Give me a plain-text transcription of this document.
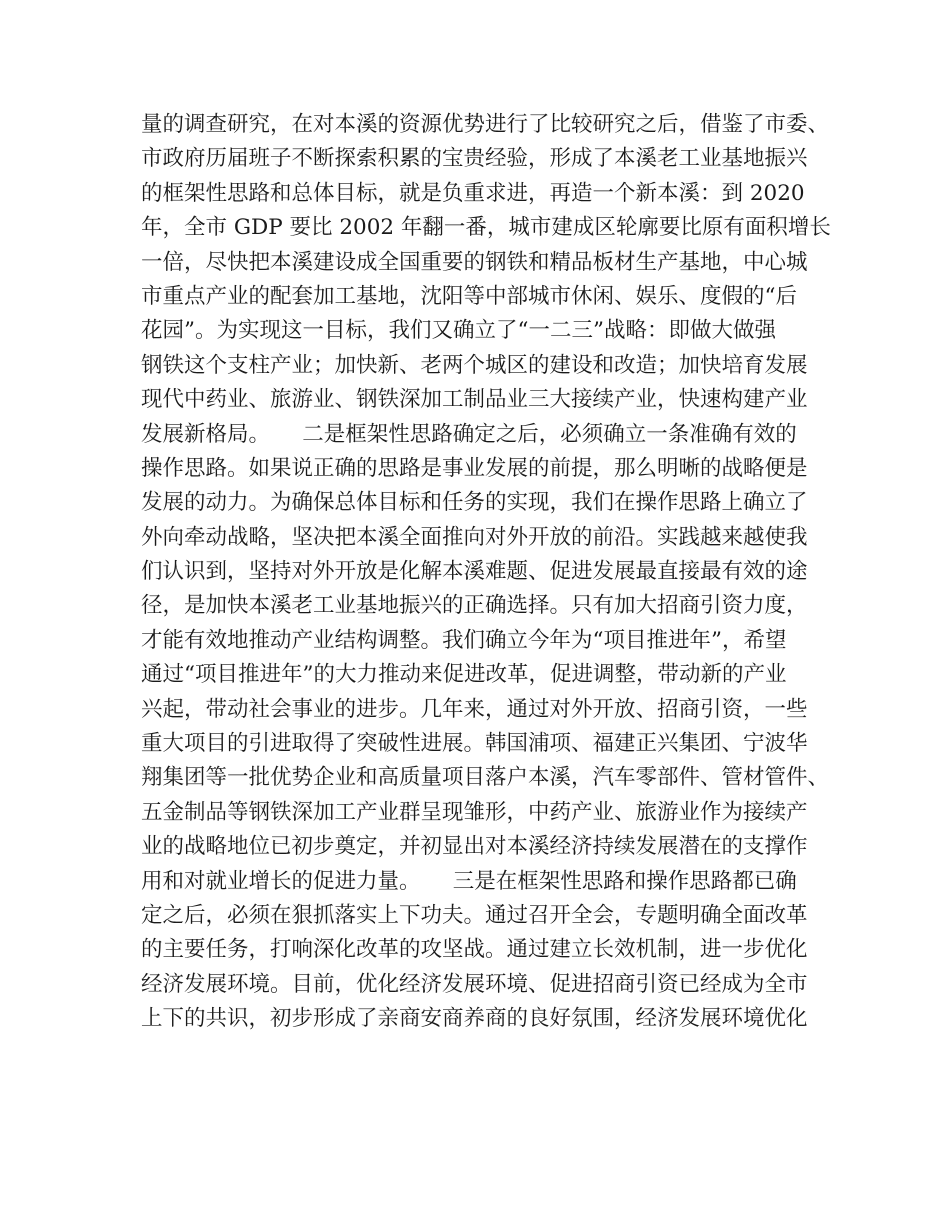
量的调查研究，在对本溪的资源优势进行了比较研究之后，借鉴了市委、
市政府历届班子不断探索积累的宝贵经验，形成了本溪老工业基地振兴
的框架性思路和总体目标，就是负重求进，再造一个新本溪：到 2020
年，全市 GDP 要比 2002 年翻一番，城市建成区轮廓要比原有面积增长
一倍，尽快把本溪建设成全国重要的钢铁和精品板材生产基地，中心城
市重点产业的配套加工基地，沈阳等中部城市休闲、娱乐、度假的“后
花园”。为实现这一目标，我们又确立了“一二三”战略：即做大做强
钢铁这个支柱产业；加快新、老两个城区的建设和改造；加快培育发展
现代中药业、旅游业、钢铁深加工制品业三大接续产业，快速构建产业
发展新格局。　　二是框架性思路确定之后，必须确立一条准确有效的
操作思路。如果说正确的思路是事业发展的前提，那么明晰的战略便是
发展的动力。为确保总体目标和任务的实现，我们在操作思路上确立了
外向牵动战略，坚决把本溪全面推向对外开放的前沿。实践越来越使我
们认识到，坚持对外开放是化解本溪难题、促进发展最直接最有效的途
径，是加快本溪老工业基地振兴的正确选择。只有加大招商引资力度，
才能有效地推动产业结构调整。我们确立今年为“项目推进年”，希望
通过“项目推进年”的大力推动来促进改革，促进调整，带动新的产业
兴起，带动社会事业的进步。几年来，通过对外开放、招商引资，一些
重大项目的引进取得了突破性进展。韩国浦项、福建正兴集团、宁波华
翔集团等一批优势企业和高质量项目落户本溪，汽车零部件、管材管件、
五金制品等钢铁深加工产业群呈现雏形，中药产业、旅游业作为接续产
业的战略地位已初步奠定，并初显出对本溪经济持续发展潜在的支撑作
用和对就业增长的促进力量。　　三是在框架性思路和操作思路都已确
定之后，必须在狠抓落实上下功夫。通过召开全会，专题明确全面改革
的主要任务，打响深化改革的攻坚战。通过建立长效机制，进一步优化
经济发展环境。目前，优化经济发展环境、促进招商引资已经成为全市
上下的共识，初步形成了亲商安商养商的良好氛围，经济发展环境优化
